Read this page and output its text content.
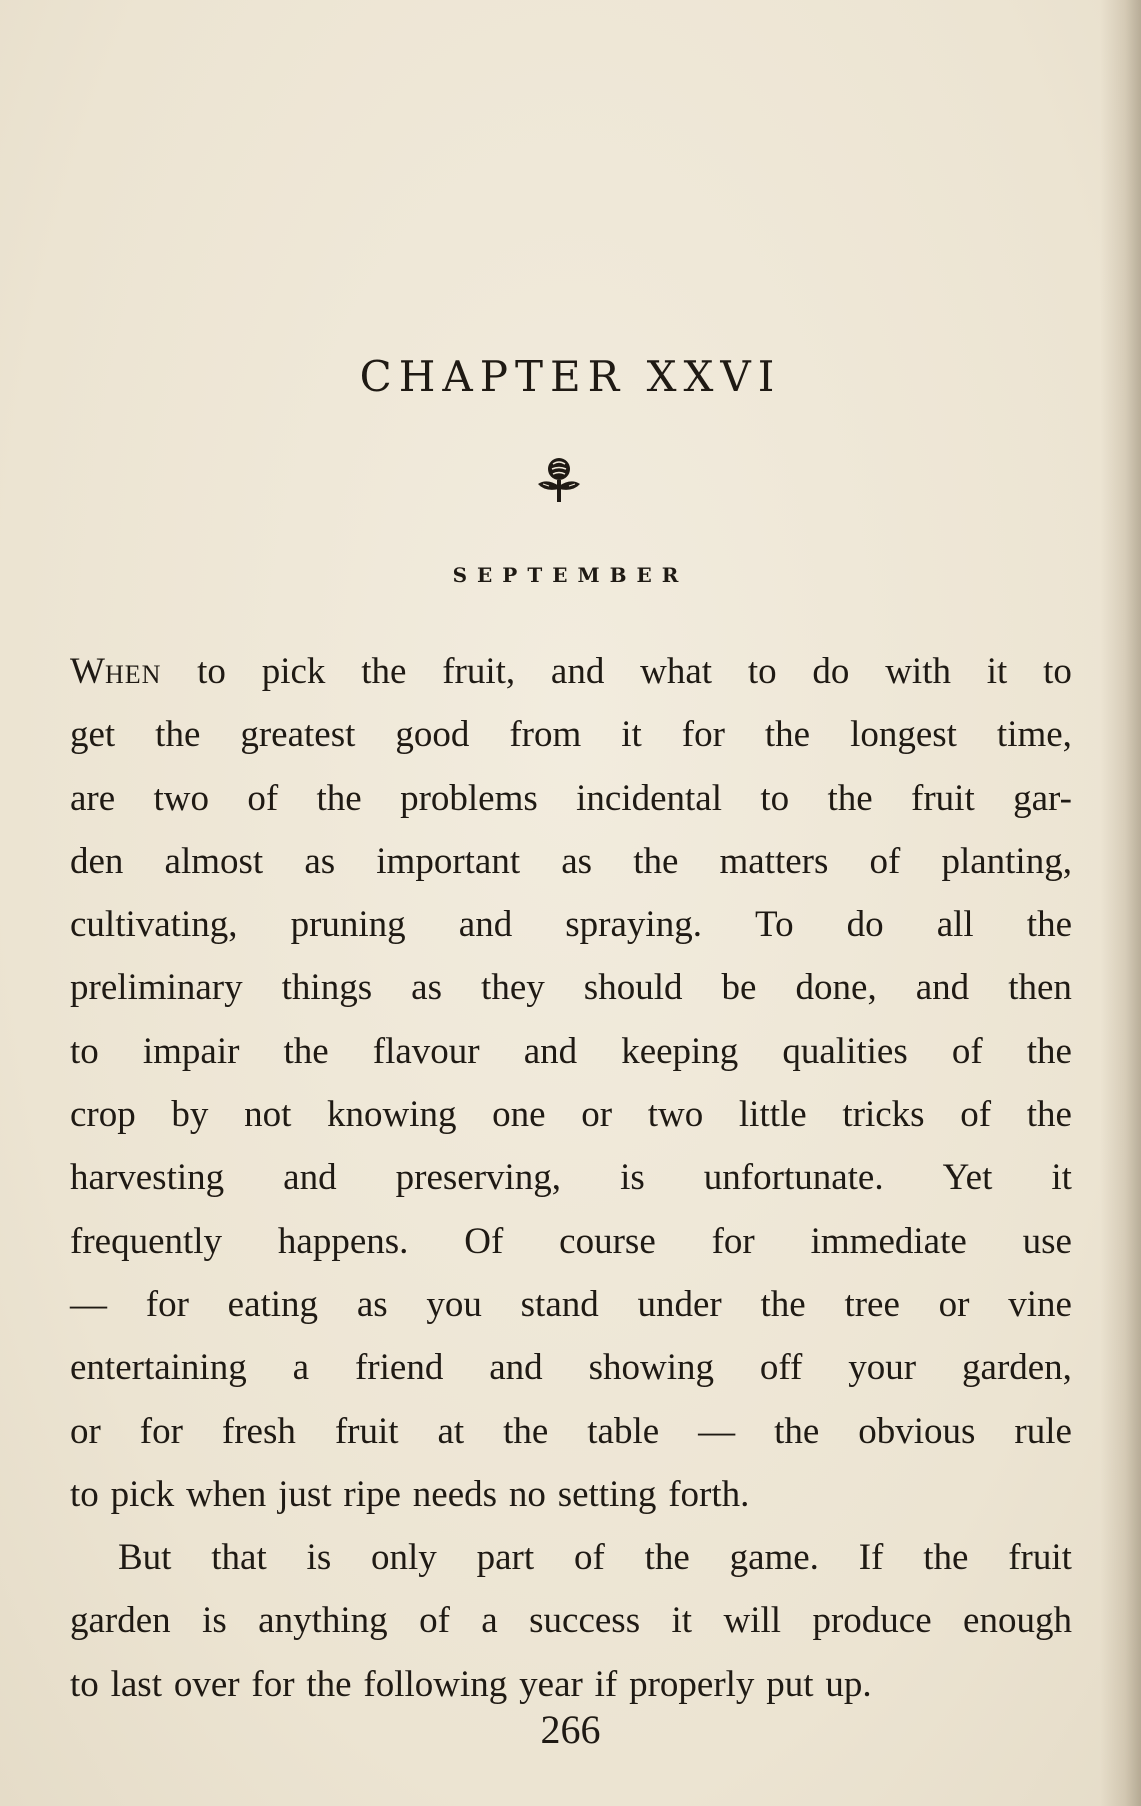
CHAPTER XXVI
SEPTEMBER
WHEN to pick the fruit, and what to do with it to
get the greatest good from it for the longest time,
are two of the problems incidental to the fruit gar-
den almost as important as the matters of planting,
cultivating, pruning and spraying. To do all the
preliminary things as they should be done, and then
to impair the flavour and keeping qualities of the
crop by not knowing one or two little tricks of the
harvesting and preserving, is unfortunate. Yet it
frequently happens. Of course for immediate use
— for eating as you stand under the tree or vine
entertaining a friend and showing off your garden,
or for fresh fruit at the table — the obvious rule
to pick when just ripe needs no setting forth.
But that is only part of the game. If the fruit
garden is anything of a success it will produce enough
to last over for the following year if properly put up.
266
